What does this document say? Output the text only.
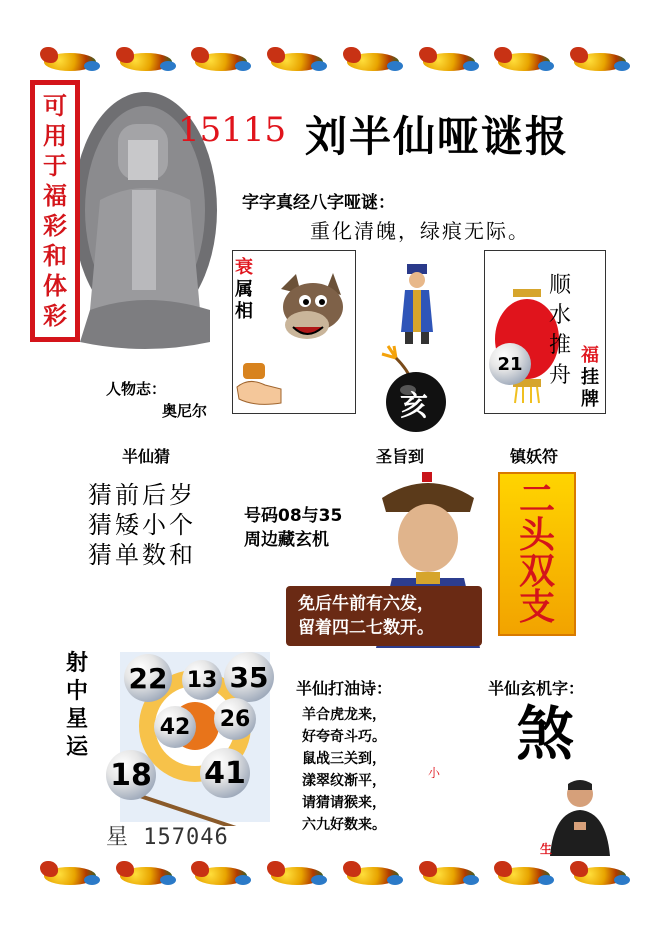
可
用
于
福
彩
和
体
彩
15115 刘半仙哑谜报
字字真经八字哑谜：
重化清魄，绿痕无际。
衰
属
相
亥
21
顺
水
推
舟
福
挂
牌
人物志：
奥尼尔
半仙猜	圣旨到	镇妖符
猜前后岁
猜矮小个
猜单数和
号码08与35
周边藏玄机
免后牛前有六发，
留着四二七数开。
二
头
双
支
射
中
星
运
22 13 35
42 26
18 41
星 157046
半仙打油诗：
羊合虎龙来，
好夸奇斗巧。
鼠战三关到，
漾翠纹渐平，
请猜请猴来，
六九好数来。
小
半仙玄机字：
煞
生
